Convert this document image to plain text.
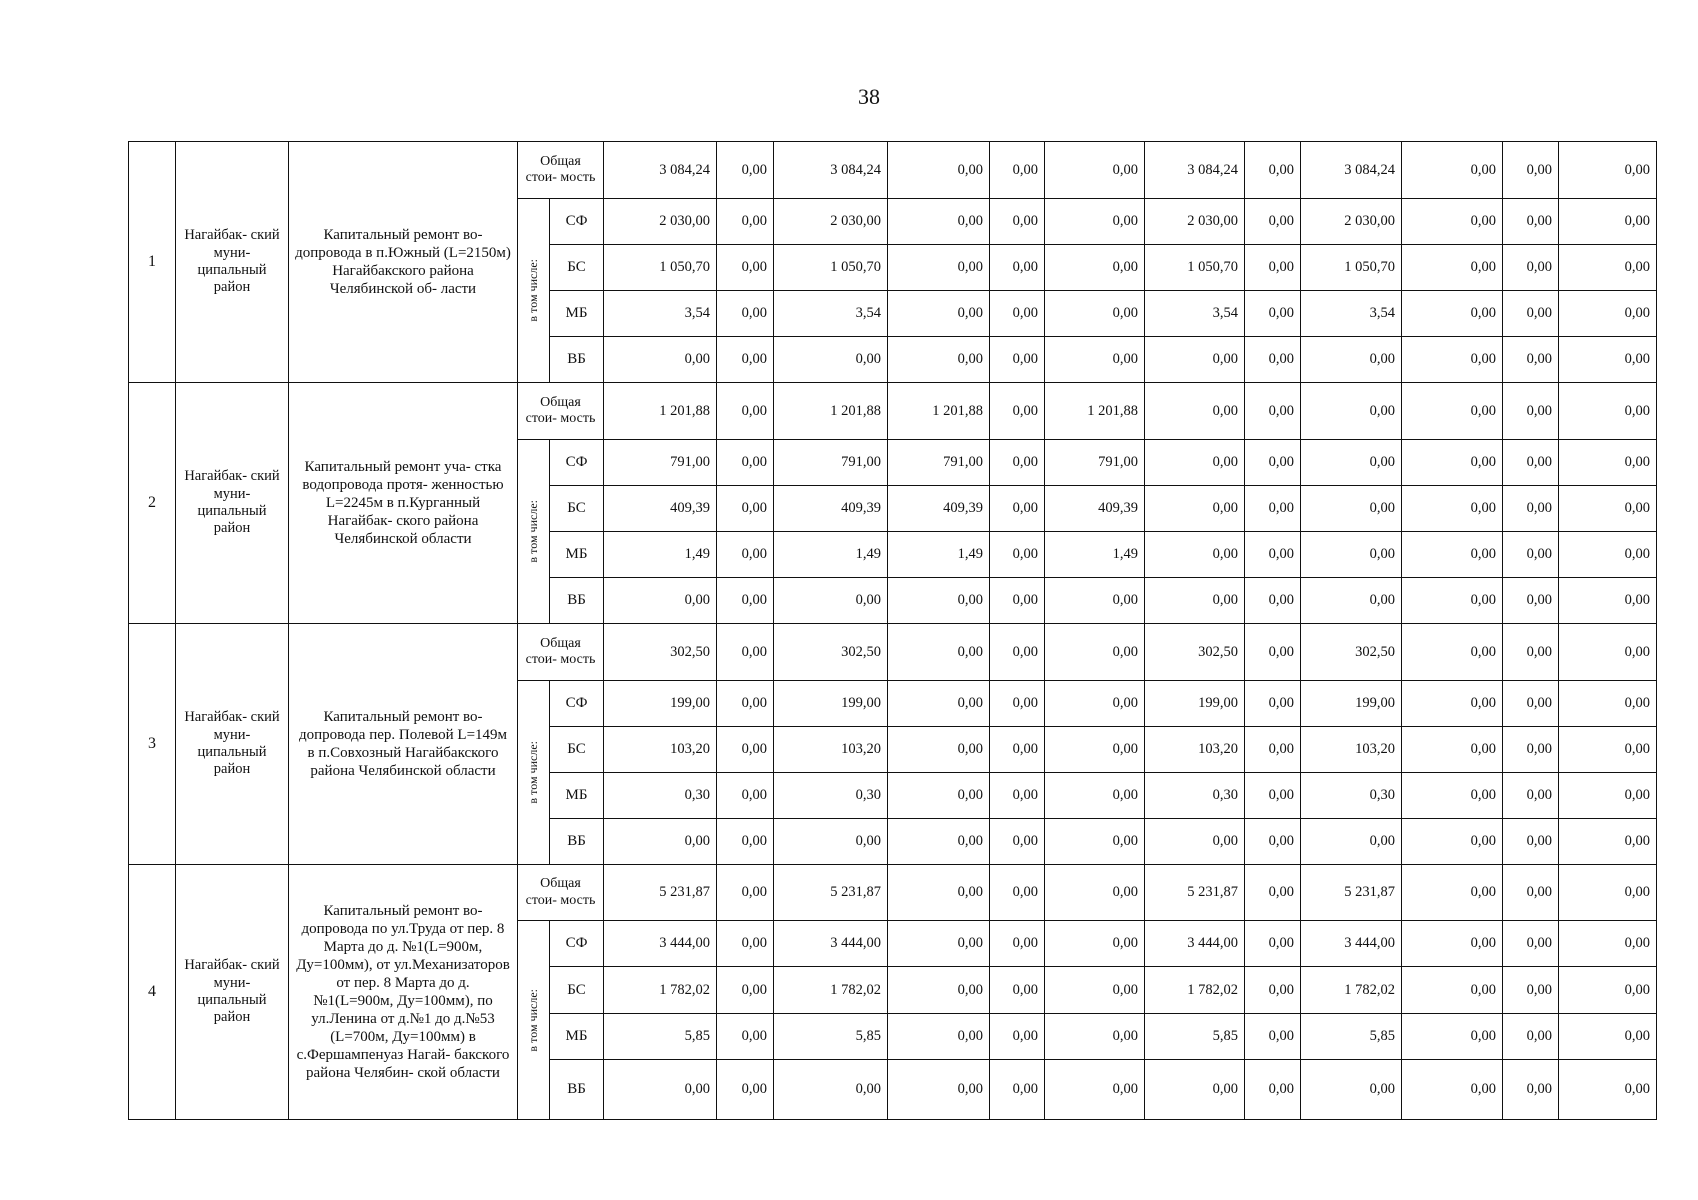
38
1	Нагайбак- ский муни- ципальный район	Капитальный ремонт во- допровода в п.Южный (L=2150м) Нагайбакского района Челябинской об- ласти	Общая стои- мость		3 084,24	0,00	3 084,24	0,00	0,00	0,00	3 084,24	0,00	3 084,24	0,00	0,00	0,00

			в том числе:	СФ	2 030,00	0,00	2 030,00	0,00	0,00	0,00	2 030,00	0,00	2 030,00	0,00	0,00	0,00
				БС	1 050,70	0,00	1 050,70	0,00	0,00	0,00	1 050,70	0,00	1 050,70	0,00	0,00	0,00
				МБ	3,54	0,00	3,54	0,00	0,00	0,00	3,54	0,00	3,54	0,00	0,00	0,00
				ВБ	0,00	0,00	0,00	0,00	0,00	0,00	0,00	0,00	0,00	0,00	0,00	0,00
2	Нагайбак- ский муни- ципальный район	Капитальный ремонт уча- стка водопровода протя- женностью L=2245м в п.Курганный Нагайбак- ского района Челябинской области	Общая стои- мость		1 201,88	0,00	1 201,88	1 201,88	0,00	1 201,88	0,00	0,00	0,00	0,00	0,00	0,00

			в том числе:	СФ	791,00	0,00	791,00	791,00	0,00	791,00	0,00	0,00	0,00	0,00	0,00	0,00
				БС	409,39	0,00	409,39	409,39	0,00	409,39	0,00	0,00	0,00	0,00	0,00	0,00
				МБ	1,49	0,00	1,49	1,49	0,00	1,49	0,00	0,00	0,00	0,00	0,00	0,00
				ВБ	0,00	0,00	0,00	0,00	0,00	0,00	0,00	0,00	0,00	0,00	0,00	0,00
3	Нагайбак- ский муни- ципальный район	Капитальный ремонт во- допровода пер. Полевой L=149м в п.Совхозный Нагайбакского района Челябинской области	Общая стои- мость		302,50	0,00	302,50	0,00	0,00	0,00	302,50	0,00	302,50	0,00	0,00	0,00

			в том числе:	СФ	199,00	0,00	199,00	0,00	0,00	0,00	199,00	0,00	199,00	0,00	0,00	0,00
				БС	103,20	0,00	103,20	0,00	0,00	0,00	103,20	0,00	103,20	0,00	0,00	0,00
				МБ	0,30	0,00	0,30	0,00	0,00	0,00	0,30	0,00	0,30	0,00	0,00	0,00
				ВБ	0,00	0,00	0,00	0,00	0,00	0,00	0,00	0,00	0,00	0,00	0,00	0,00
4	Нагайбак- ский муни- ципальный район	Капитальный ремонт во- допровода по ул.Труда от пер. 8 Марта до д. №1(L=900м, Ду=100мм), от ул.Механизаторов от пер. 8 Марта до д. №1(L=900м, Ду=100мм), по ул.Ленина от д.№1 до д.№53 (L=700м, Ду=100мм) в с.Фершампенуаз Нагай- бакского района Челябин- ской области	Общая стои- мость		5 231,87	0,00	5 231,87	0,00	0,00	0,00	5 231,87	0,00	5 231,87	0,00	0,00	0,00

			в том числе:	СФ	3 444,00	0,00	3 444,00	0,00	0,00	0,00	3 444,00	0,00	3 444,00	0,00	0,00	0,00
				БС	1 782,02	0,00	1 782,02	0,00	0,00	0,00	1 782,02	0,00	1 782,02	0,00	0,00	0,00
				МБ	5,85	0,00	5,85	0,00	0,00	0,00	5,85	0,00	5,85	0,00	0,00	0,00
				ВБ	0,00	0,00	0,00	0,00	0,00	0,00	0,00	0,00	0,00	0,00	0,00	0,00
